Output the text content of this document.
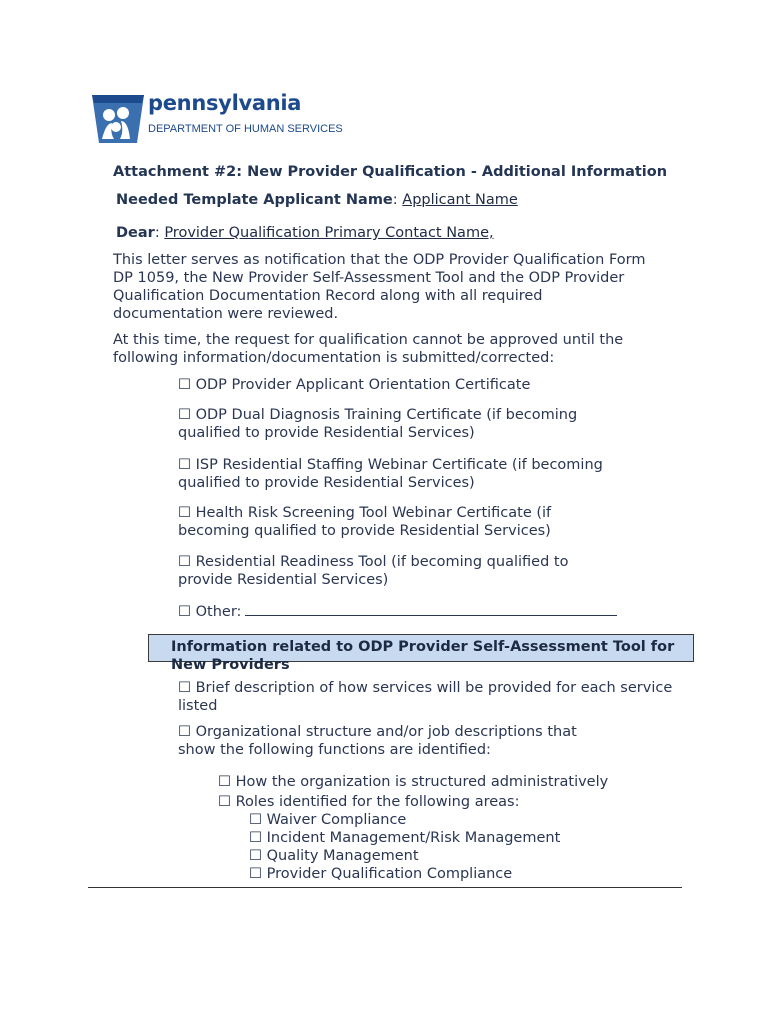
pennsylvania
DEPARTMENT OF HUMAN SERVICES
Attachment #2: New Provider Qualification - Additional Information
Needed Template Applicant Name: Applicant Name
Dear: Provider Qualification Primary Contact Name,
This letter serves as notification that the ODP Provider Qualification Form
DP 1059, the New Provider Self-Assessment Tool and the ODP Provider
Qualification Documentation Record along with all required
documentation were reviewed.
At this time, the request for qualification cannot be approved until the
following information/documentation is submitted/corrected:
☐ ODP Provider Applicant Orientation Certificate
☐ ODP Dual Diagnosis Training Certificate (if becoming
qualified to provide Residential Services)
☐ ISP Residential Staffing Webinar Certificate (if becoming
qualified to provide Residential Services)
☐ Health Risk Screening Tool Webinar Certificate (if
becoming qualified to provide Residential Services)
☐ Residential Readiness Tool (if becoming qualified to
provide Residential Services)
☐ Other:
Information related to ODP Provider Self-Assessment Tool for New Providers
☐ Brief description of how services will be provided for each service
listed
☐ Organizational structure and/or job descriptions that
show the following functions are identified:
☐ How the organization is structured administratively
☐ Roles identified for the following areas:
☐ Waiver Compliance
☐ Incident Management/Risk Management
☐ Quality Management
☐ Provider Qualification Compliance
